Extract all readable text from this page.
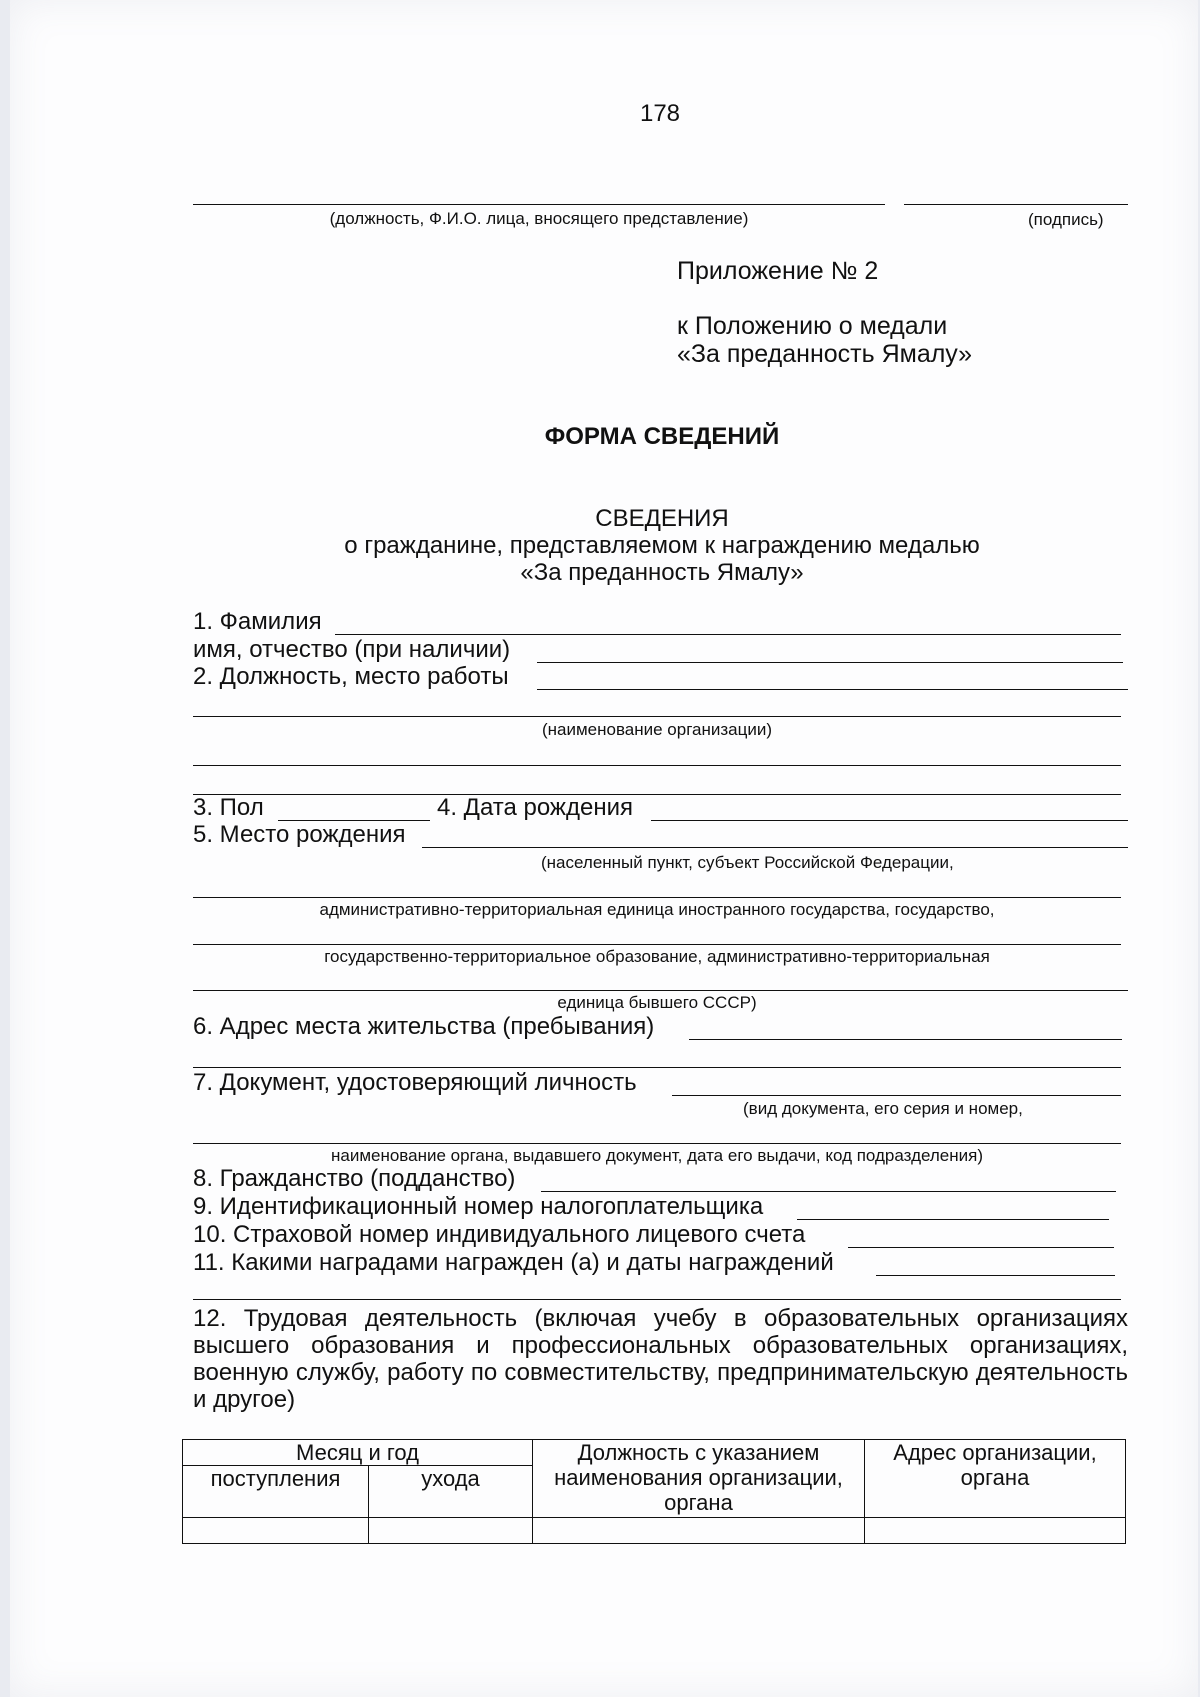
178
(должность, Ф.И.О. лица, вносящего представление)	(подпись)
Приложение № 2
к Положению о медали
«За преданность Ямалу»
ФОРМА СВЕДЕНИЙ
СВЕДЕНИЯ
о гражданине, представляемом к награждению медалью
«За преданность Ямалу»
1. Фамилия
имя, отчество (при наличии)
2. Должность, место работы
(наименование организации)
3. Пол	4. Дата рождения
5. Место рождения
(населенный пункт, субъект Российской Федерации,
административно-территориальная единица иностранного государства, государство,
государственно-территориальное образование, административно-территориальная
единица бывшего СССР)
6. Адрес места жительства (пребывания)
7. Документ, удостоверяющий личность
(вид документа, его серия и номер,
наименование органа, выдавшего документ, дата его выдачи, код подразделения)
8. Гражданство (подданство)
9. Идентификационный номер налогоплательщика
10. Страховой номер индивидуального лицевого счета
11. Какими наградами награжден (а) и даты награждений
12. Трудовая деятельность (включая учебу в образовательных организациях высшего образования и профессиональных образовательных организациях, военную службу, работу по совместительству, предпринимательскую деятельность и другое)
Месяц и год		Должность с указанием наименования организации, органа	Адрес организации, органа
поступления	ухода		
